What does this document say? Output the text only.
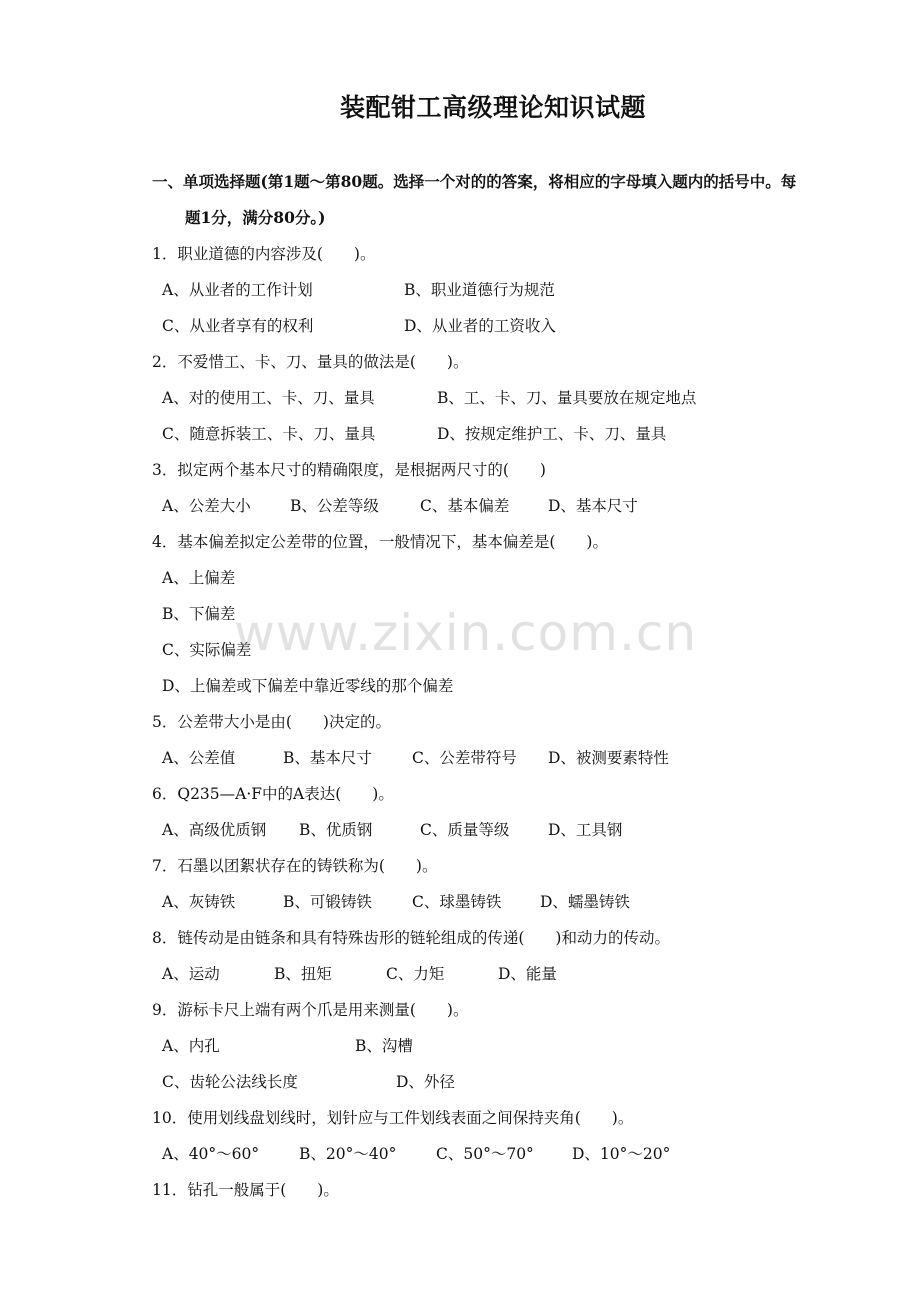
装配钳工高级理论知识试题
一、单项选择题(第1题～第80题。选择一个对的的答案，将相应的字母填入题内的括号中。每
题1分，满分80分。)
1．职业道德的内容涉及(　　)。
A、从业者的工作计划	B、职业道德行为规范
C、从业者享有的权利	D、从业者的工资收入
2．不爱惜工、卡、刀、量具的做法是(　　)。
A、对的使用工、卡、刀、量具	B、工、卡、刀、量具要放在规定地点
C、随意拆装工、卡、刀、量具	D、按规定维护工、卡、刀、量具
3．拟定两个基本尺寸的精确限度，是根据两尺寸的(　　)
A、公差大小	B、公差等级	C、基本偏差 D、基本尺寸
4．基本偏差拟定公差带的位置，一般情况下，基本偏差是(　　)。
A、上偏差
B、下偏差
C、实际偏差
D、上偏差或下偏差中靠近零线的那个偏差
5．公差带大小是由(　　)决定的。
A、公差值	B、基本尺寸	C、公差带符号 D、被测要素特性
6．Q235—A·F中的A表达(　　)。
A、高级优质钢 B、优质钢	C、质量等级 D、工具钢
7．石墨以团絮状存在的铸铁称为(　　)。
A、灰铸铁	B、可锻铸铁	C、球墨铸铁 D、蠕墨铸铁
8．链传动是由链条和具有特殊齿形的链轮组成的传递(　　)和动力的传动。
A、运动	B、扭矩	C、力矩	D、能量
9．游标卡尺上端有两个爪是用来测量(　　)。
A、内孔	B、沟槽
C、齿轮公法线长度	D、外径
10．使用划线盘划线时，划针应与工件划线表面之间保持夹角(　　)。
A、40°～60°	B、20°～40°	C、50°～70° D、10°～20°
11．钻孔一般属于(　　)。
www.zixin.com.cn
